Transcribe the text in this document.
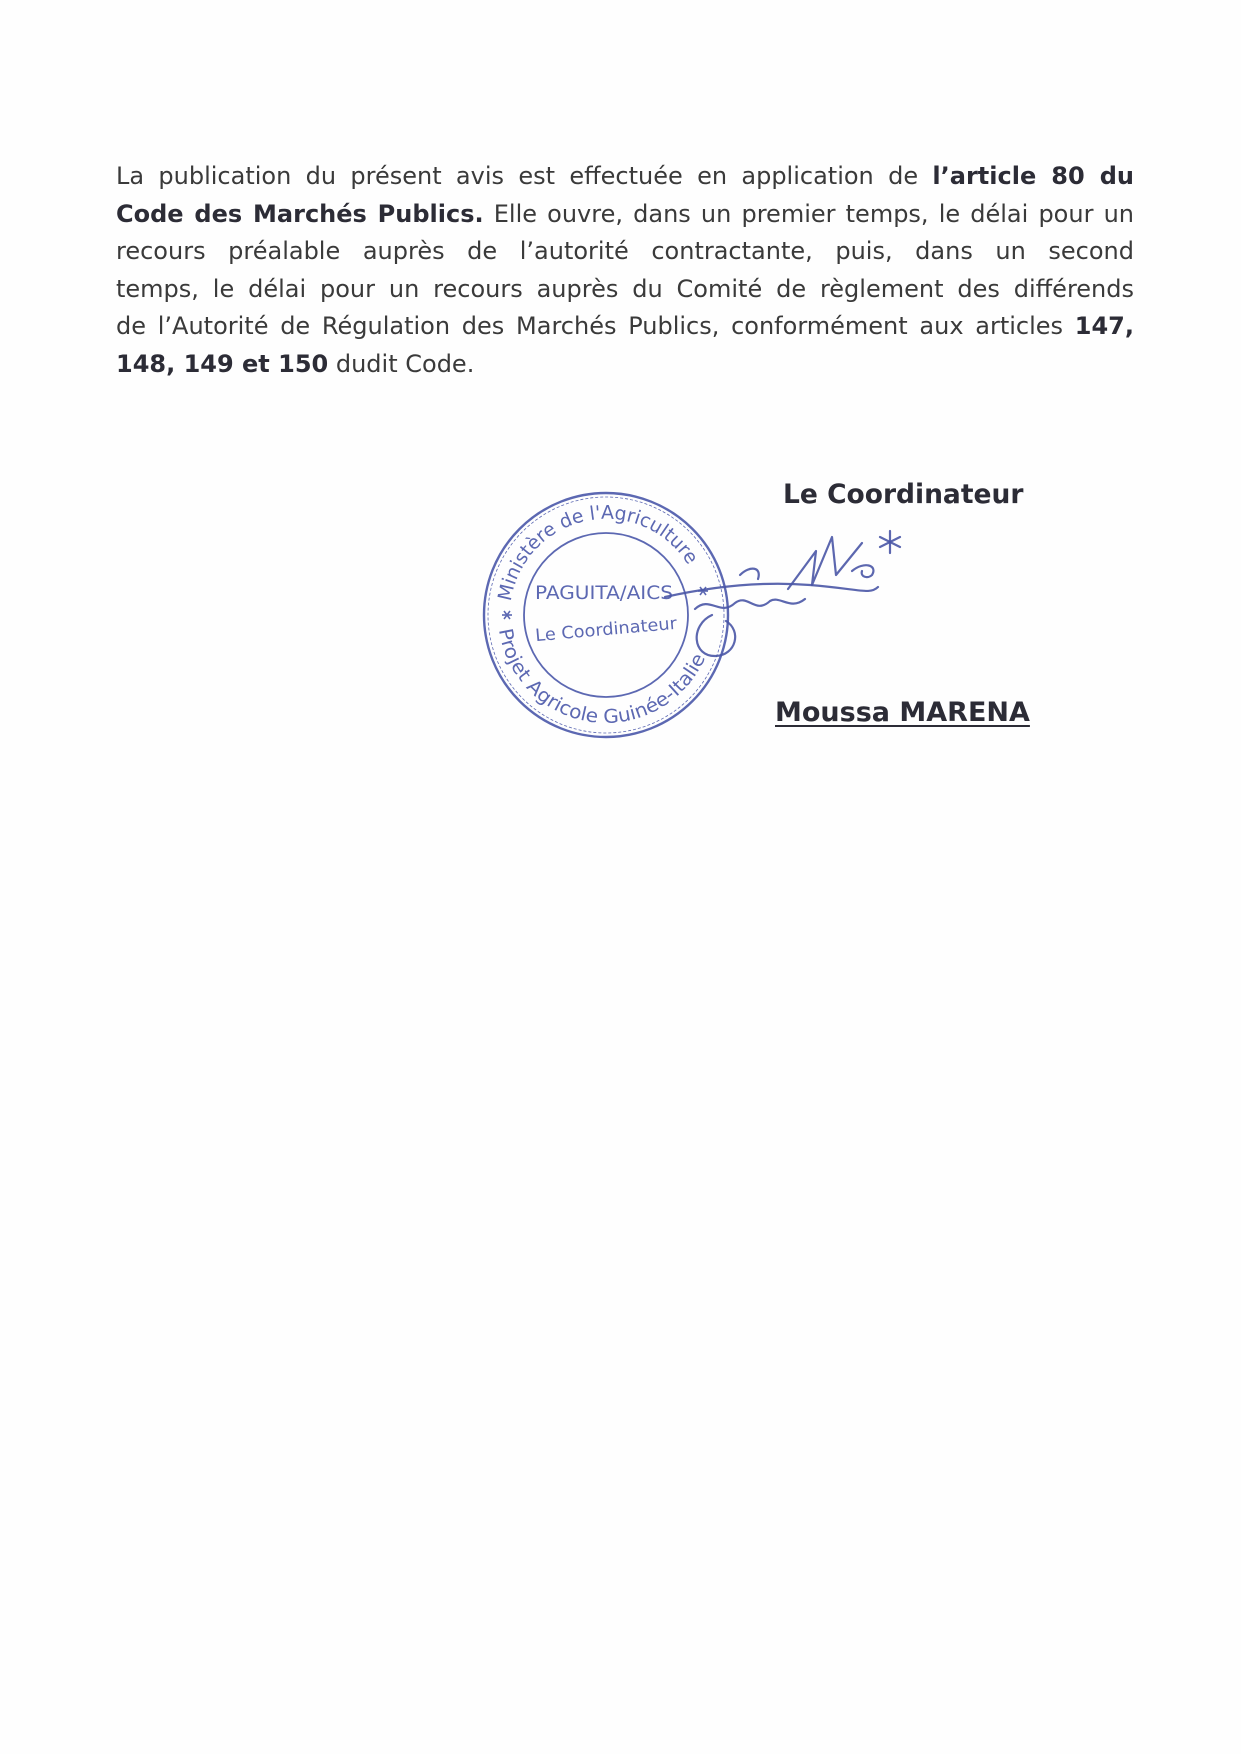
La publication du présent avis est effectuée en application de l’article 80 du
Code des Marchés Publics. Elle ouvre, dans un premier temps, le délai pour un
recours préalable auprès de l’autorité contractante, puis, dans un second
temps, le délai pour un recours auprès du Comité de règlement des différends
de l’Autorité de Régulation des Marchés Publics, conformément aux articles 147,
148, 149 et 150 dudit Code.
Le Coordinateur
Ministère de l'Agriculture
Projet Agricole Guinée-Italie
PAGUITA/AICS
Le Coordinateur
Moussa MARENA
